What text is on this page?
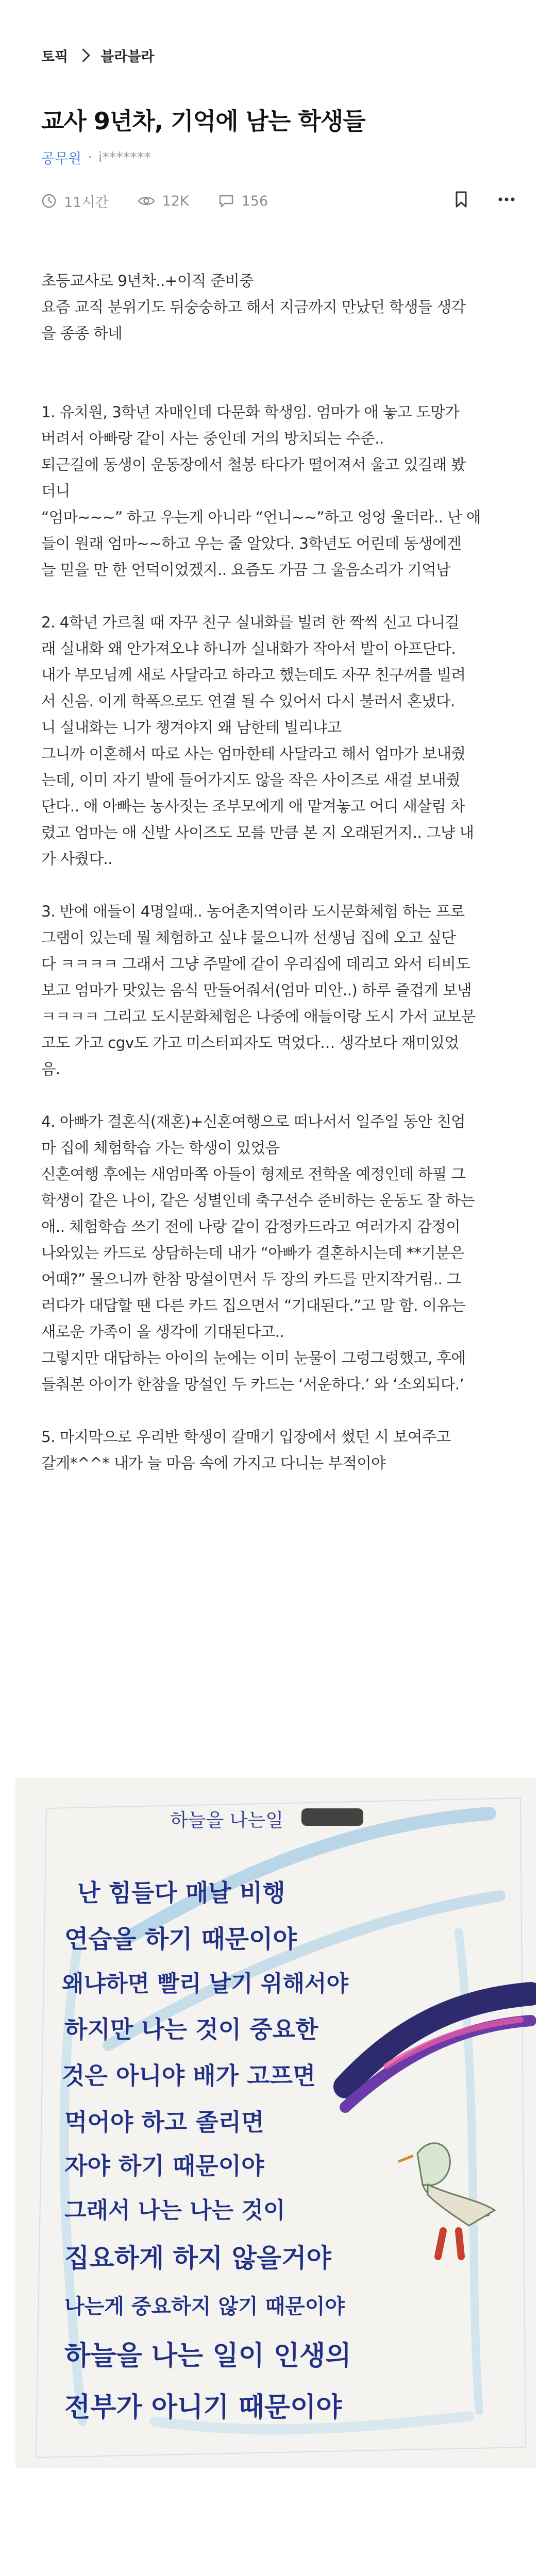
토픽 블라블라
교사 9년차, 기억에 남는 학생들
공무원 · i*******
11시간	12K	156
초등교사로 9년차..+이직 준비중
요즘 교직 분위기도 뒤숭숭하고 해서 지금까지 만났던 학생들 생각
을 종종 하네

1. 유치원, 3학년 자매인데 다문화 학생임. 엄마가 애 놓고 도망가
버려서 아빠랑 같이 사는 중인데 거의 방치되는 수준..
퇴근길에 동생이 운동장에서 철봉 타다가 떨어져서 울고 있길래 봤
더니
“엄마~~~” 하고 우는게 아니라 “언니~~”하고 엉엉 울더라.. 난 애
들이 원래 엄마~~하고 우는 줄 알았다. 3학년도 어린데 동생에겐
늘 믿을 만 한 언덕이었겠지.. 요즘도 가끔 그 울음소리가 기억남

2. 4학년 가르칠 때 자꾸 친구 실내화를 빌려 한 짝씩 신고 다니길
래 실내화 왜 안가져오냐 하니까 실내화가 작아서 발이 아프단다.
내가 부모님께 새로 사달라고 하라고 했는데도 자꾸 친구꺼를 빌려
서 신음. 이게 학폭으로도 연결 될 수 있어서 다시 불러서 혼냈다.
니 실내화는 니가 챙겨야지 왜 남한테 빌리냐고
그니까 이혼해서 따로 사는 엄마한테 사달라고 해서 엄마가 보내줬
는데, 이미 자기 발에 들어가지도 않을 작은 사이즈로 새걸 보내줬
단다.. 애 아빠는 농사짓는 조부모에게 애 맡겨놓고 어디 새살림 차
렸고 엄마는 애 신발 사이즈도 모를 만큼 본 지 오래된거지.. 그냥 내
가 사줬다..

3. 반에 애들이 4명일때.. 농어촌지역이라 도시문화체험 하는 프로
그램이 있는데 뭘 체험하고 싶냐 물으니까 선생님 집에 오고 싶단
다 ㅋㅋㅋㅋ 그래서 그냥 주말에 같이 우리집에 데리고 와서 티비도
보고 엄마가 맛있는 음식 만들어줘서(엄마 미안..) 하루 즐겁게 보냄
ㅋㅋㅋㅋ 그리고 도시문화체험은 나중에 애들이랑 도시 가서 교보문
고도 가고 cgv도 가고 미스터피자도 먹었다… 생각보다 재미있었
음.

4. 아빠가 결혼식(재혼)+신혼여행으로 떠나서서 일주일 동안 친엄
마 집에 체험학습 가는 학생이 있었음
신혼여행 후에는 새엄마쪽 아들이 형제로 전학올 예정인데 하필 그
학생이 같은 나이, 같은 성별인데 축구선수 준비하는 운동도 잘 하는
애.. 체험학습 쓰기 전에 나랑 같이 감정카드라고 여러가지 감정이
나와있는 카드로 상담하는데 내가 “아빠가 결혼하시는데 **기분은
어때?” 물으니까 한참 망설이면서 두 장의 카드를 만지작거림.. 그
러다가 대답할 땐 다른 카드 집으면서 “기대된다.”고 말 함. 이유는
새로운 가족이 올 생각에 기대된다고..
그렇지만 대답하는 아이의 눈에는 이미 눈물이 그렁그렁했고, 후에
들춰본 아이가 한참을 망설인 두 카드는 ‘서운하다.’ 와 ‘소외되다.’

5. 마지막으로 우리반 학생이 갈매기 입장에서 썼던 시 보여주고
갈게*^^* 내가 늘 마음 속에 가지고 다니는 부적이야
하늘을 나는일
난 힘들다 매날 비행
연습을 하기 때문이야
왜냐하면 빨리 날기 위해서야
하지만 나는 것이 중요한
것은 아니야 배가 고프면
먹어야 하고 졸리면
자야 하기 때문이야
그래서 나는 나는 것이
집요하게 하지 않을거야
나는게 중요하지 않기 때문이야
하늘을 나는 일이 인생의
전부가 아니기 때문이야
